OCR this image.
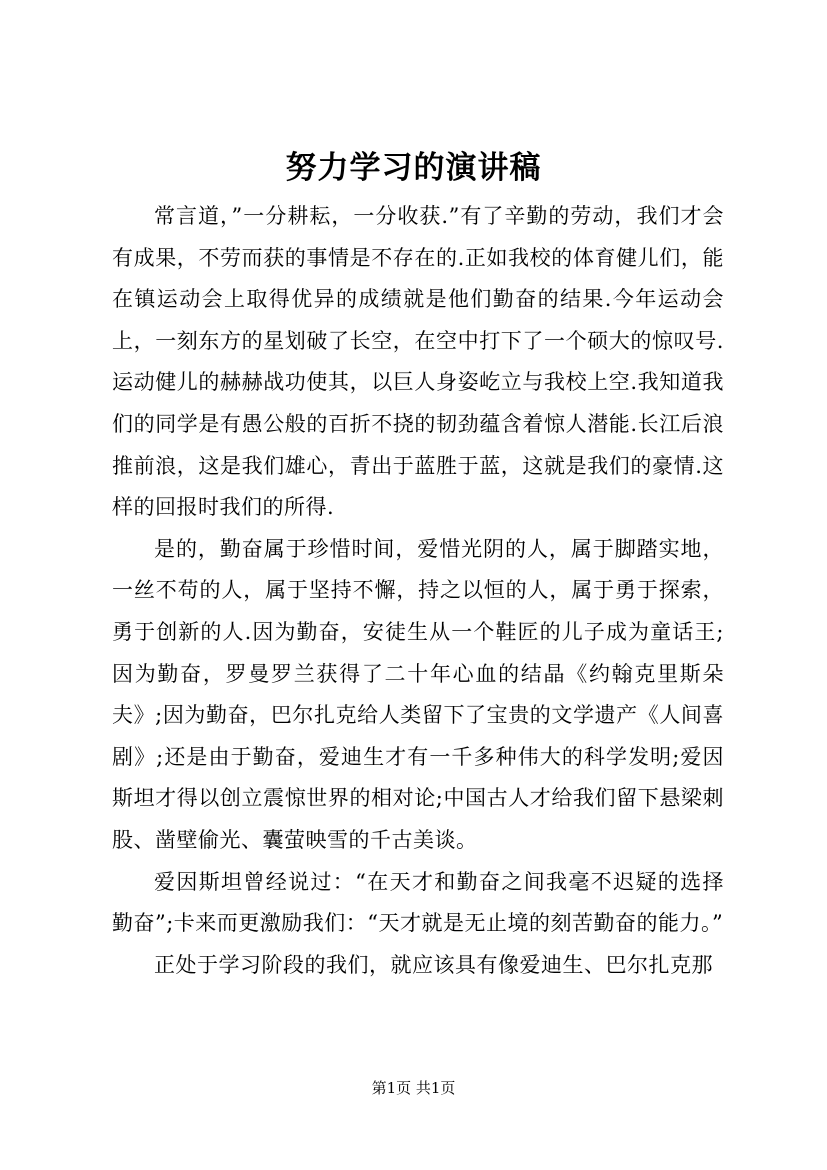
努力学习的演讲稿

常言道，”一分耕耘，一分收获.”有了辛勤的劳动，我们才会有成果，不劳而获的事情是不存在的.正如我校的体育健儿们，能在镇运动会上取得优异的成绩就是他们勤奋的结果.今年运动会上，一刻东方的星划破了长空，在空中打下了一个硕大的惊叹号.运动健儿的赫赫战功使其，以巨人身姿屹立与我校上空.我知道我们的同学是有愚公般的百折不挠的韧劲蕴含着惊人潜能.长江后浪推前浪，这是我们雄心，青出于蓝胜于蓝，这就是我们的豪情.这样的回报时我们的所得.

是的，勤奋属于珍惜时间，爱惜光阴的人，属于脚踏实地，一丝不苟的人，属于坚持不懈，持之以恒的人，属于勇于探索，勇于创新的人.因为勤奋，安徒生从一个鞋匠的儿子成为童话王;因为勤奋，罗曼罗兰获得了二十年心血的结晶《约翰克里斯朵夫》;因为勤奋，巴尔扎克给人类留下了宝贵的文学遗产《人间喜剧》;还是由于勤奋，爱迪生才有一千多种伟大的科学发明;爱因斯坦才得以创立震惊世界的相对论;中国古人才给我们留下悬梁刺股、凿壁偷光、囊萤映雪的千古美谈。

爱因斯坦曾经说过：“在天才和勤奋之间我毫不迟疑的选择勤奋”;卡来而更激励我们：“天才就是无止境的刻苦勤奋的能力。”

正处于学习阶段的我们，就应该具有像爱迪生、巴尔扎克那

第1页 共1页
